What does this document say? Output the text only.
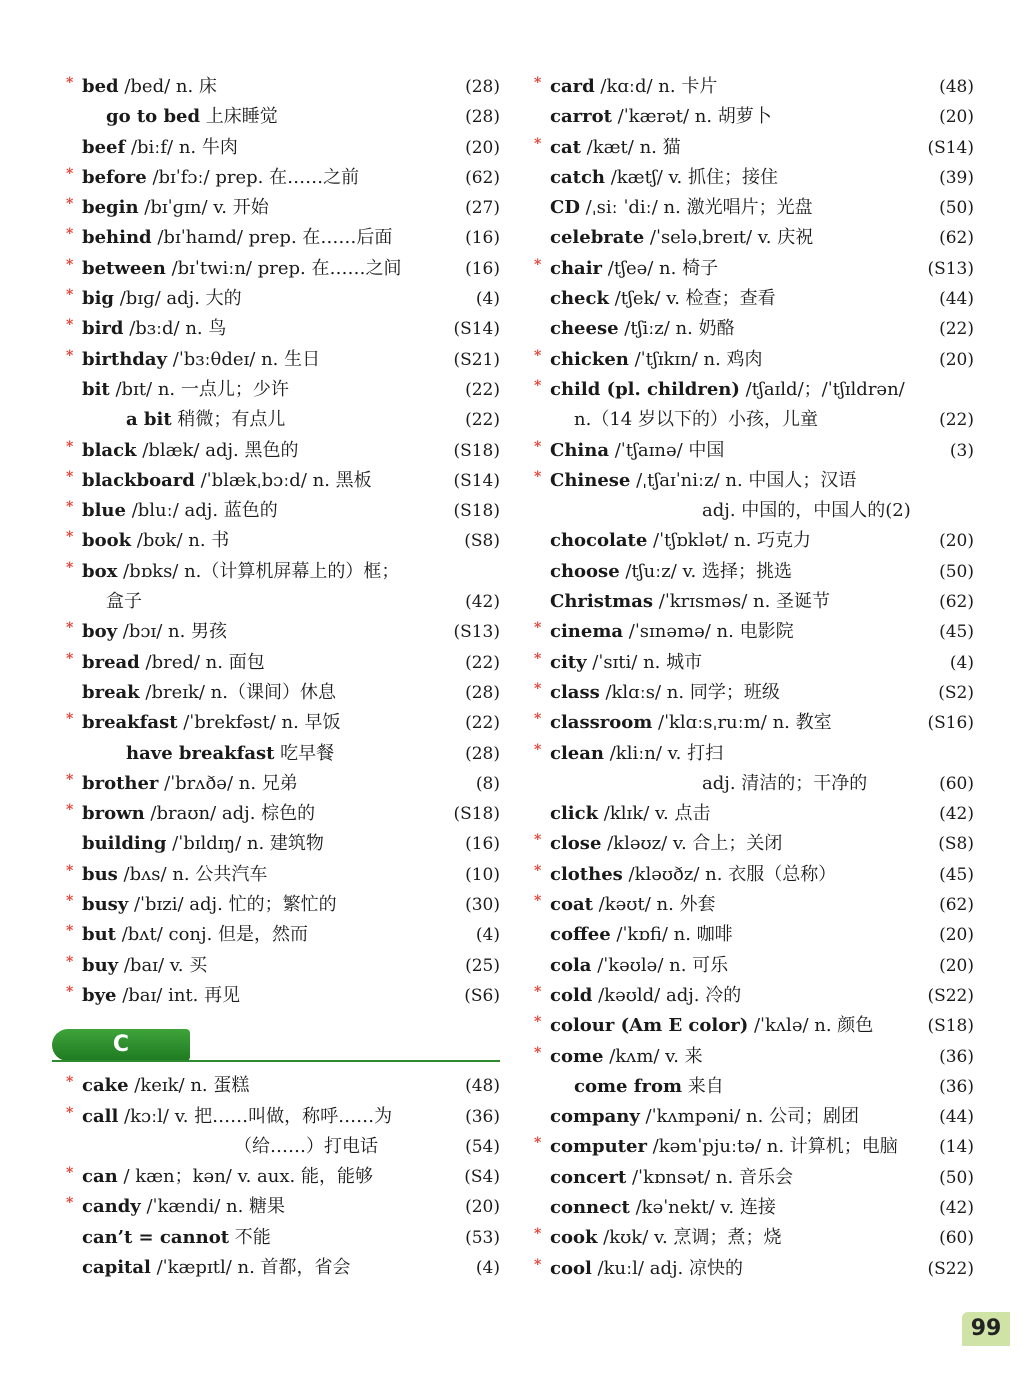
* bed /bed/ n. 床	(28)
go to bed 上床睡觉	(28)
beef /biːf/ n. 牛肉	(20)
* before /bɪˈfɔː/ prep. 在……之前	(62)
* begin /bɪˈɡɪn/ v. 开始	(27)
* behind /bɪˈhaɪnd/ prep. 在……后面	(16)
* between /bɪˈtwiːn/ prep. 在……之间	(16)
* big /bɪɡ/ adj. 大的	(4)
* bird /bɜːd/ n. 鸟	(S14)
* birthday /ˈbɜːθdeɪ/ n. 生日	(S21)
bit /bɪt/ n. 一点儿；少许	(22)
a bit 稍微；有点儿	(22)
* black /blæk/ adj. 黑色的	(S18)
* blackboard /ˈblækˌbɔːd/ n. 黑板	(S14)
* blue /bluː/ adj. 蓝色的	(S18)
* book /bʊk/ n. 书	(S8)
* box /bɒks/ n.（计算机屏幕上的）框；
盒子	(42)
* boy /bɔɪ/ n. 男孩	(S13)
* bread /bred/ n. 面包	(22)
break /breɪk/ n.（课间）休息	(28)
* breakfast /ˈbrekfəst/ n. 早饭	(22)
have breakfast 吃早餐	(28)
* brother /ˈbrʌðə/ n. 兄弟	(8)
* brown /braʊn/ adj. 棕色的	(S18)
building /ˈbɪldɪŋ/ n. 建筑物	(16)
* bus /bʌs/ n. 公共汽车	(10)
* busy /ˈbɪzi/ adj. 忙的；繁忙的	(30)
* but /bʌt/ conj. 但是，然而	(4)
* buy /baɪ/ v. 买	(25)
* bye /baɪ/ int. 再见	(S6)
C
* cake /keɪk/ n. 蛋糕	(48)
* call /kɔːl/ v. 把……叫做，称呼……为	(36)
（给……）打电话	(54)
* can / kæn；kən/ v. aux. 能，能够	(S4)
* candy /ˈkændi/ n. 糖果	(20)
can’t = cannot 不能	(53)
capital /ˈkæpɪtl/ n. 首都，省会	(4)
* card /kɑːd/ n. 卡片	(48)
carrot /ˈkærət/ n. 胡萝卜	(20)
* cat /kæt/ n. 猫	(S14)
catch /kætʃ/ v. 抓住；接住	(39)
CD /ˌsiː ˈdiː/ n. 激光唱片；光盘	(50)
celebrate /ˈseləˌbreɪt/ v. 庆祝	(62)
* chair /tʃeə/ n. 椅子	(S13)
check /tʃek/ v. 检查；查看	(44)
cheese /tʃiːz/ n. 奶酪	(22)
* chicken /ˈtʃɪkɪn/ n. 鸡肉	(20)
* child (pl. children) /tʃaɪld/；/ˈtʃɪldrən/
n.（14 岁以下的）小孩，儿童	(22)
* China /ˈtʃaɪnə/ 中国	(3)
* Chinese /ˌtʃaɪˈniːz/ n. 中国人；汉语
adj. 中国的，中国人的(2)
chocolate /ˈtʃɒklət/ n. 巧克力	(20)
choose /tʃuːz/ v. 选择；挑选	(50)
Christmas /ˈkrɪsməs/ n. 圣诞节	(62)
* cinema /ˈsɪnəmə/ n. 电影院	(45)
* city /ˈsɪti/ n. 城市	(4)
* class /klɑːs/ n. 同学；班级	(S2)
* classroom /ˈklɑːsˌruːm/ n. 教室	(S16)
* clean /kliːn/ v. 打扫
adj. 清洁的；干净的	(60)
click /klɪk/ v. 点击	(42)
* close /kləʊz/ v. 合上；关闭	(S8)
* clothes /kləʊðz/ n. 衣服（总称）	(45)
* coat /kəʊt/ n. 外套	(62)
coffee /ˈkɒfi/ n. 咖啡	(20)
cola /ˈkəʊlə/ n. 可乐	(20)
* cold /kəʊld/ adj. 冷的	(S22)
* colour (Am E color) /ˈkʌlə/ n. 颜色	(S18)
* come /kʌm/ v. 来	(36)
come from 来自	(36)
company /ˈkʌmpəni/ n. 公司；剧团	(44)
* computer /kəmˈpjuːtə/ n. 计算机；电脑 (14)
concert /ˈkɒnsət/ n. 音乐会	(50)
connect /kəˈnekt/ v. 连接	(42)
* cook /kʊk/ v. 烹调；煮；烧	(60)
* cool /kuːl/ adj. 凉快的	(S22)
99
